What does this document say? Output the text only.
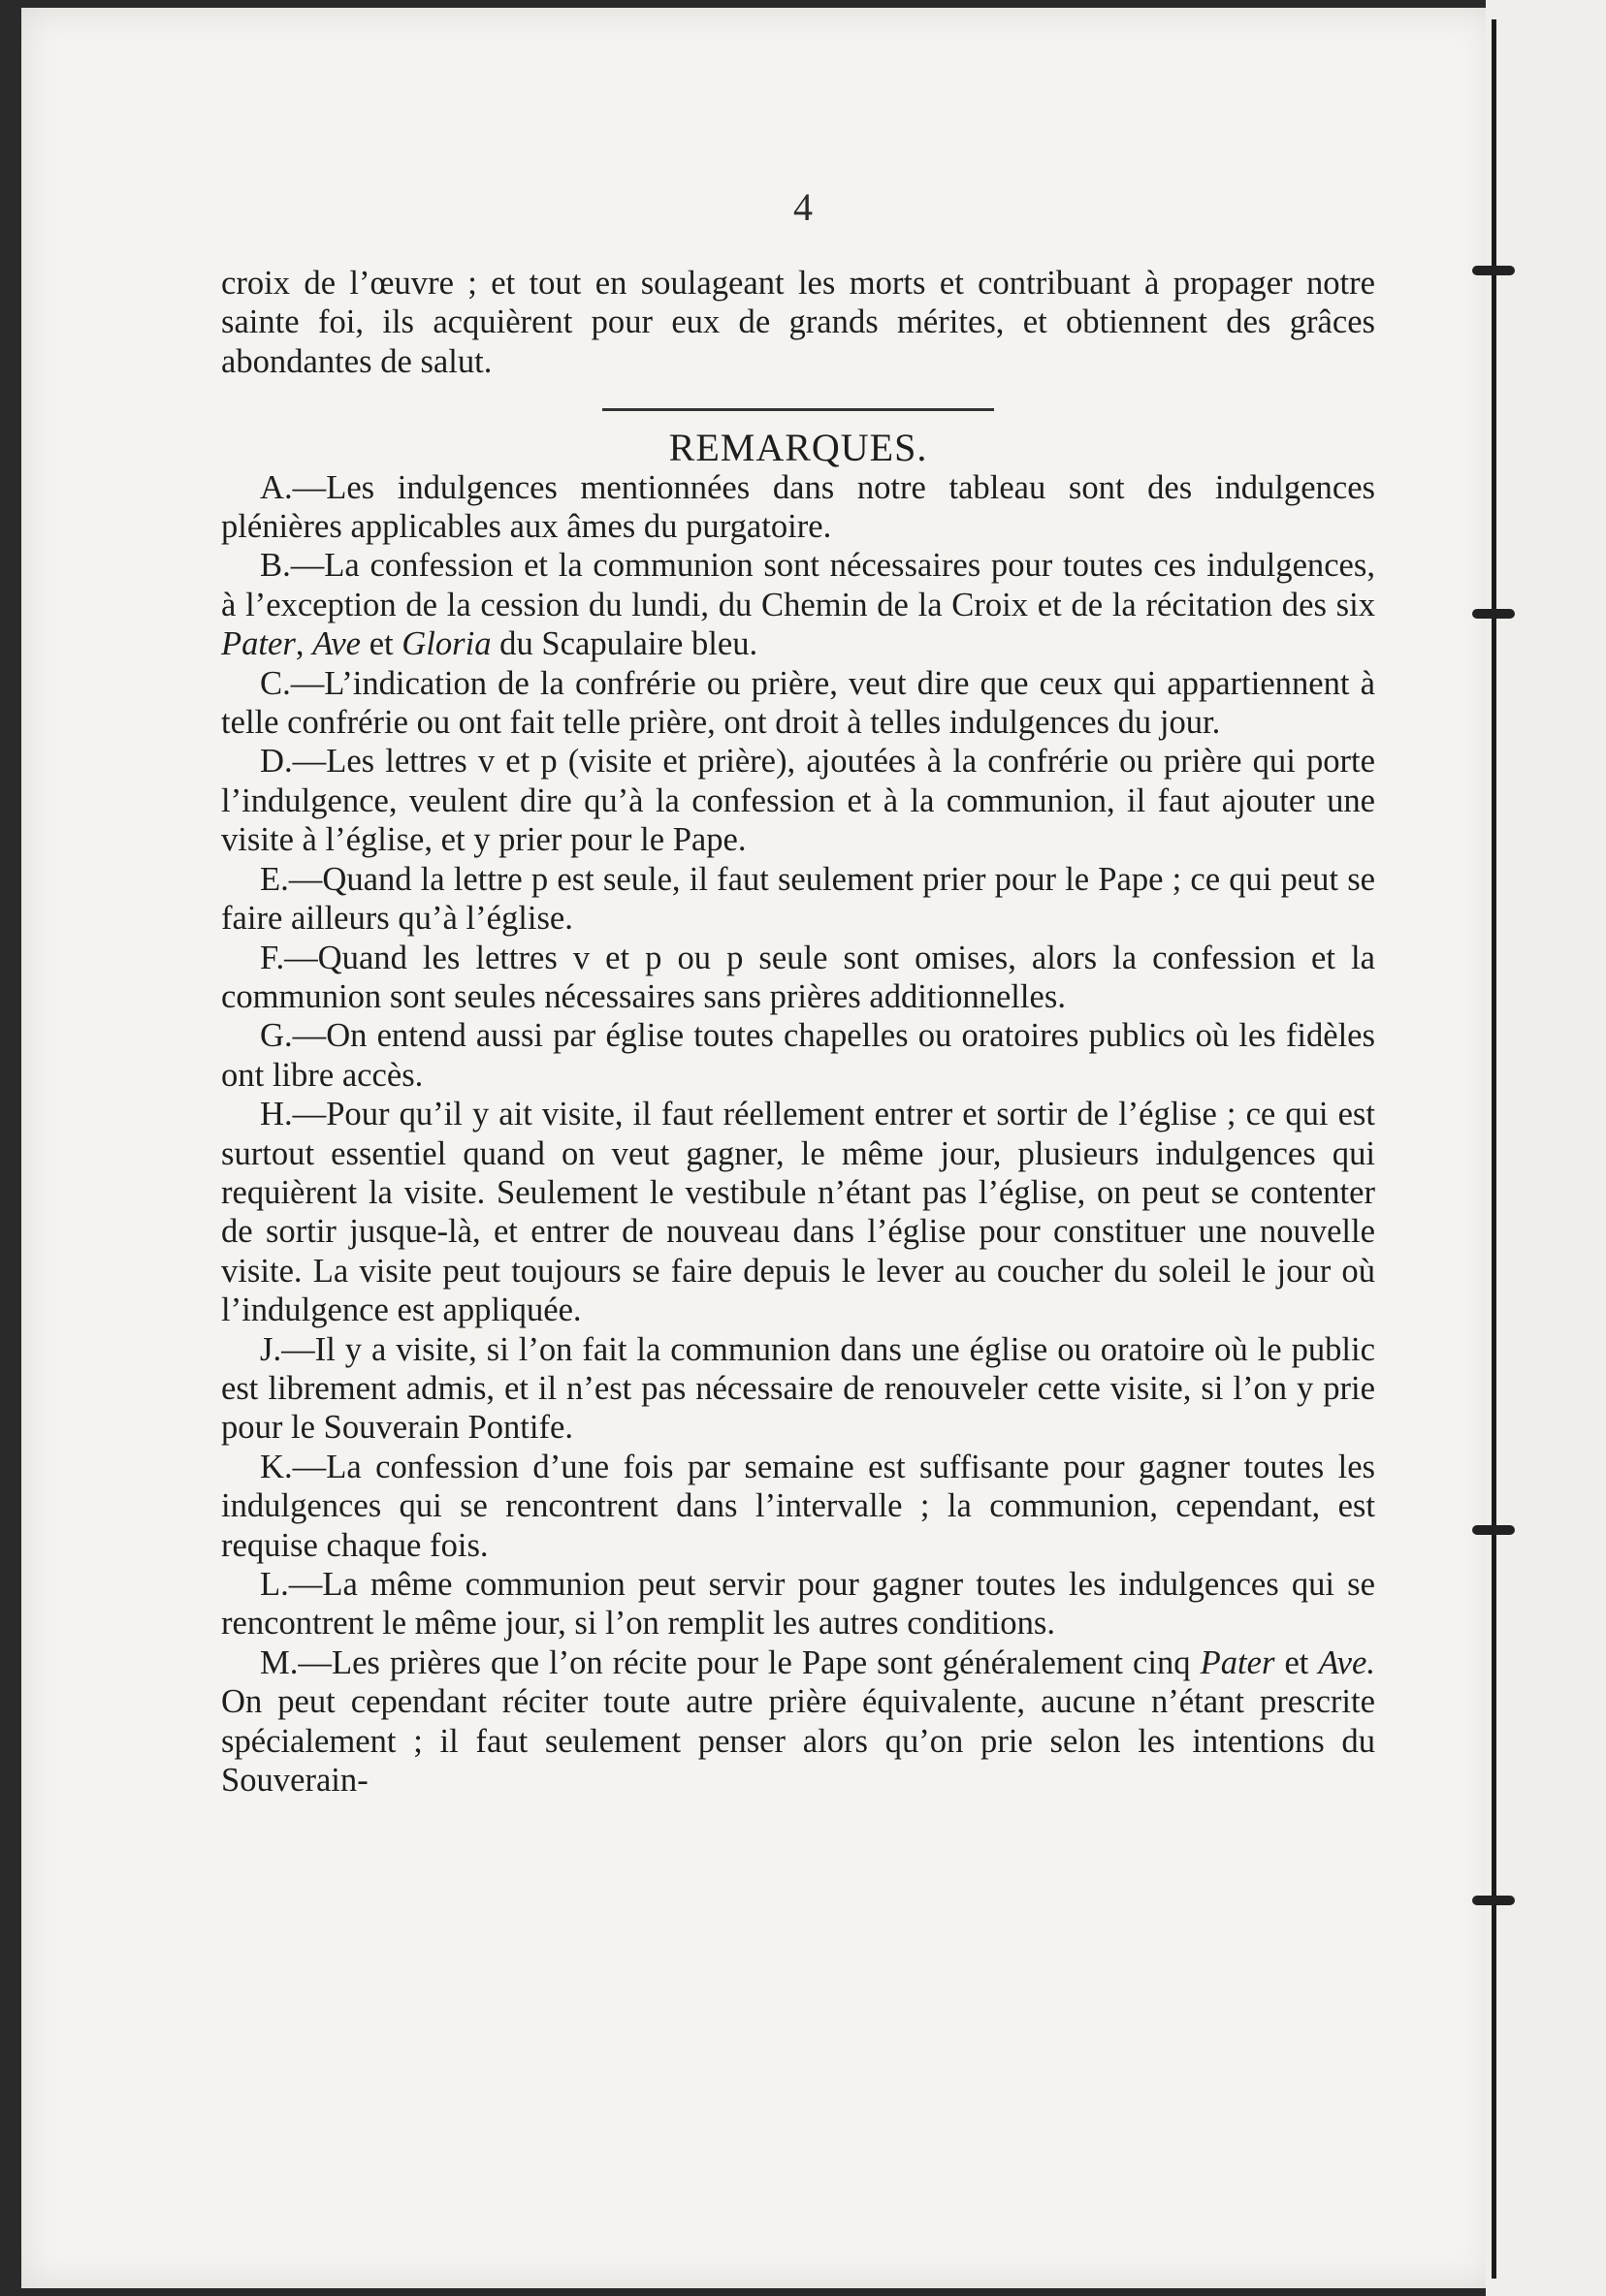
4

croix de l’œuvre ; et tout en soulageant les morts et contribuant à propager notre sainte foi, ils acquièrent pour eux de grands mérites, et obtiennent des grâces abondantes de salut.

REMARQUES.

A.—Les indulgences mentionnées dans notre tableau sont des indulgences plénières applicables aux âmes du purgatoire.

B.—La confession et la communion sont nécessaires pour toutes ces indulgences, à l’exception de la cession du lundi, du Chemin de la Croix et de la récitation des six Pater, Ave et Gloria du Scapulaire bleu.

C.—L’indication de la confrérie ou prière, veut dire que ceux qui appartiennent à telle confrérie ou ont fait telle prière, ont droit à telles indulgences du jour.

D.—Les lettres v et p (visite et prière), ajoutées à la confrérie ou prière qui porte l’indulgence, veulent dire qu’à la confession et à la communion, il faut ajouter une visite à l’église, et y prier pour le Pape.

E.—Quand la lettre p est seule, il faut seulement prier pour le Pape ; ce qui peut se faire ailleurs qu’à l’église.

F.—Quand les lettres v et p ou p seule sont omises, alors la confession et la communion sont seules nécessaires sans prières additionnelles.

G.—On entend aussi par église toutes chapelles ou oratoires publics où les fidèles ont libre accès.

H.—Pour qu’il y ait visite, il faut réellement entrer et sortir de l’église ; ce qui est surtout essentiel quand on veut gagner, le même jour, plusieurs indulgences qui requièrent la visite. Seulement le vestibule n’étant pas l’église, on peut se contenter de sortir jusque-là, et entrer de nouveau dans l’église pour constituer une nouvelle visite. La visite peut toujours se faire depuis le lever au coucher du soleil le jour où l’indulgence est appliquée.

J.—Il y a visite, si l’on fait la communion dans une église ou oratoire où le public est librement admis, et il n’est pas nécessaire de renouveler cette visite, si l’on y prie pour le Souverain Pontife.

K.—La confession d’une fois par semaine est suffisante pour gagner toutes les indulgences qui se rencontrent dans l’intervalle ; la communion, cependant, est requise chaque fois.

L.—La même communion peut servir pour gagner toutes les indulgences qui se rencontrent le même jour, si l’on remplit les autres conditions.

M.—Les prières que l’on récite pour le Pape sont généralement cinq Pater et Ave. On peut cependant réciter toute autre prière équivalente, aucune n’étant prescrite spécialement ; il faut seulement penser alors qu’on prie selon les intentions du Souverain-
